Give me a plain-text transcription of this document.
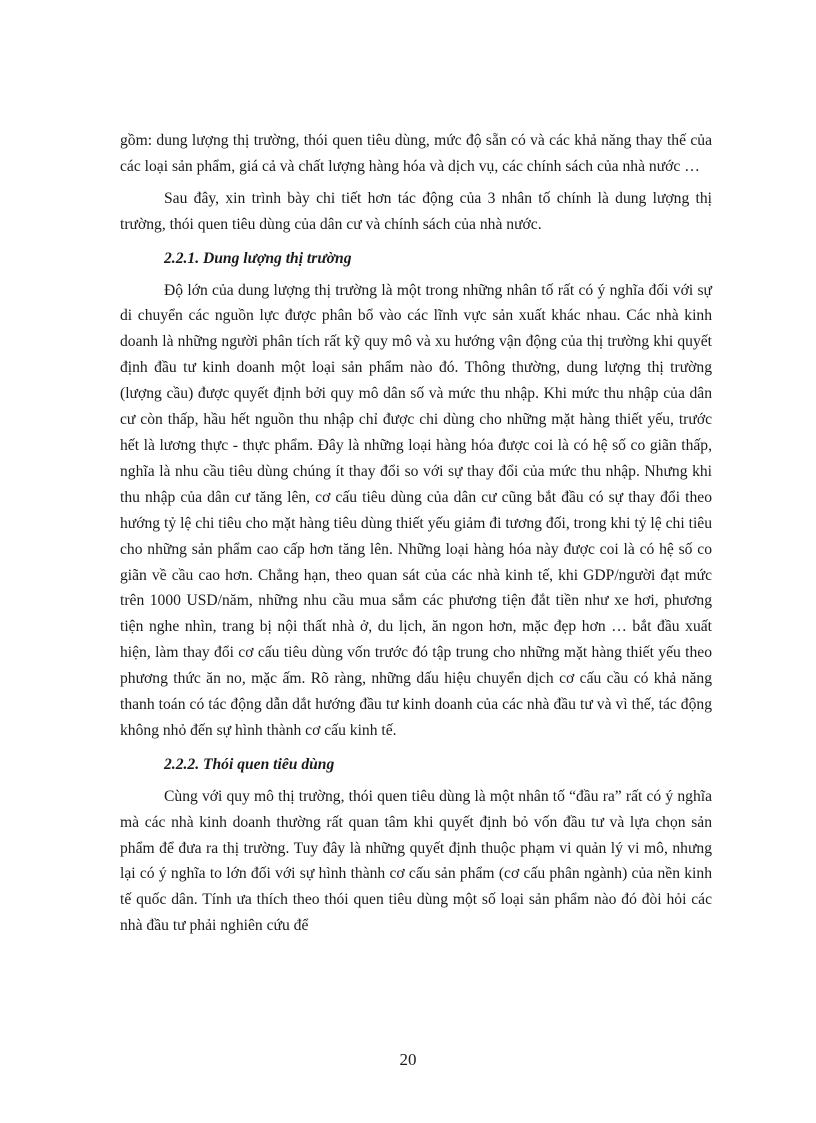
gồm: dung lượng thị trường, thói quen tiêu dùng, mức độ sẵn có và các khả năng thay thế của các loại sản phẩm, giá cả và chất lượng hàng hóa và dịch vụ, các chính sách của nhà nước …

Sau đây, xin trình bày chi tiết hơn tác động của 3 nhân tố chính là dung lượng thị trường, thói quen tiêu dùng của dân cư và chính sách của nhà nước.

2.2.1. Dung lượng thị trường

Độ lớn của dung lượng thị trường là một trong những nhân tố rất có ý nghĩa đối với sự di chuyển các nguồn lực được phân bổ vào các lĩnh vực sản xuất khác nhau. Các nhà kinh doanh là những người phân tích rất kỹ quy mô và xu hướng vận động của thị trường khi quyết định đầu tư kinh doanh một loại sản phẩm nào đó. Thông thường, dung lượng thị trường (lượng cầu) được quyết định bởi quy mô dân số và mức thu nhập. Khi mức thu nhập của dân cư còn thấp, hầu hết nguồn thu nhập chỉ được chi dùng cho những mặt hàng thiết yếu, trước hết là lương thực - thực phẩm. Đây là những loại hàng hóa được coi là có hệ số co giãn thấp, nghĩa là nhu cầu tiêu dùng chúng ít thay đổi so với sự thay đổi của mức thu nhập. Nhưng khi thu nhập của dân cư tăng lên, cơ cấu tiêu dùng của dân cư cũng bắt đầu có sự thay đổi theo hướng tỷ lệ chi tiêu cho mặt hàng tiêu dùng thiết yếu giảm đi tương đối, trong khi tỷ lệ chi tiêu cho những sản phẩm cao cấp hơn tăng lên. Những loại hàng hóa này được coi là có hệ số co giãn về cầu cao hơn. Chẳng hạn, theo quan sát của các nhà kinh tế, khi GDP/người đạt mức trên 1000 USD/năm, những nhu cầu mua sắm các phương tiện đắt tiền như xe hơi, phương tiện nghe nhìn, trang bị nội thất nhà ở, du lịch, ăn ngon hơn, mặc đẹp hơn … bắt đầu xuất hiện, làm thay đổi cơ cấu tiêu dùng vốn trước đó tập trung cho những mặt hàng thiết yếu theo phương thức ăn no, mặc ấm. Rõ ràng, những dấu hiệu chuyển dịch cơ cấu cầu có khả năng thanh toán có tác động dẫn dắt hướng đầu tư kinh doanh của các nhà đầu tư và vì thế, tác động không nhỏ đến sự hình thành cơ cấu kinh tế.

2.2.2. Thói quen tiêu dùng

Cùng với quy mô thị trường, thói quen tiêu dùng là một nhân tố “đầu ra” rất có ý nghĩa mà các nhà kinh doanh thường rất quan tâm khi quyết định bỏ vốn đầu tư và lựa chọn sản phẩm để đưa ra thị trường. Tuy đây là những quyết định thuộc phạm vi quản lý vi mô, nhưng lại có ý nghĩa to lớn đối với sự hình thành cơ cấu sản phẩm (cơ cấu phân ngành) của nền kinh tế quốc dân. Tính ưa thích theo thói quen tiêu dùng một số loại sản phẩm nào đó đòi hỏi các nhà đầu tư phải nghiên cứu để

20
